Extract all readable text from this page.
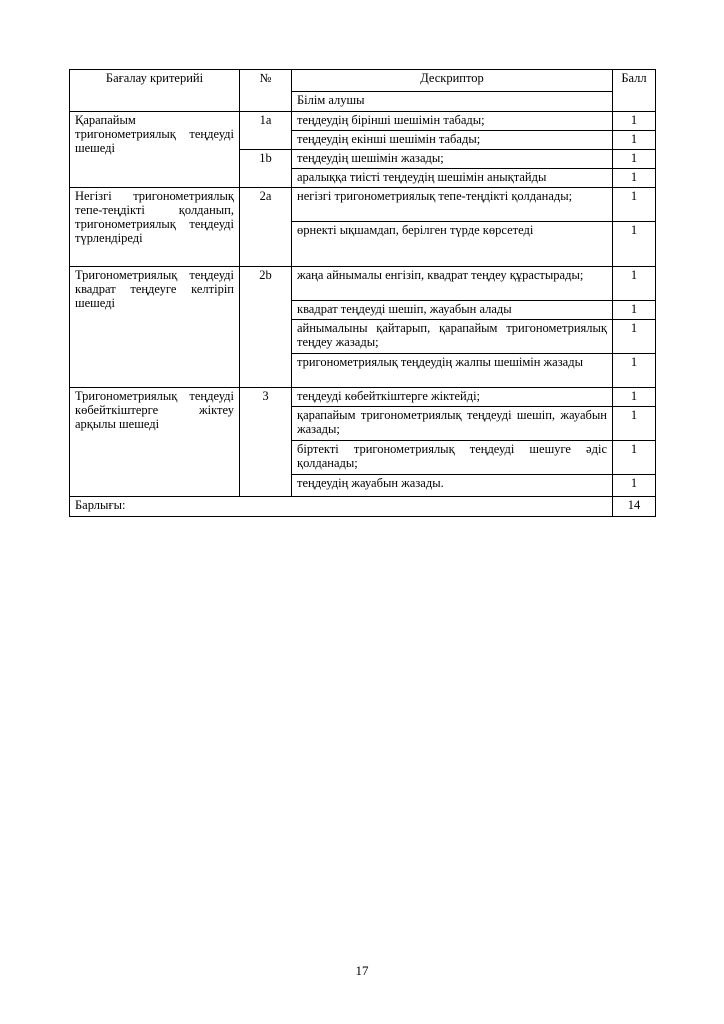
Бағалау критерийі	№	Дескриптор	Балл
		Білім алушы	
Қарапайым тригонометриялық теңдеуді шешеді	1a	теңдеудің бірінші шешімін табады;	1
		теңдеудің екінші шешімін табады;	1
	1b	теңдеудің шешімін жазады;	1
		аралыққа тиісті теңдеудің шешімін анықтайды	1
Негізгі тригонометриялық тепе-теңдікті қолданып, тригонометриялық теңдеуді түрлендіреді	2a	негізгі тригонометриялық тепе-теңдікті қолданады;	1
		өрнекті ықшамдап, берілген түрде көрсетеді	1
Тригонометриялық теңдеуді квадрат теңдеуге келтіріп шешеді	2b	жаңа айнымалы енгізіп, квадрат теңдеу құрастырады;	1
		квадрат теңдеуді шешіп, жауабын алады	1
		айнымалыны қайтарып, қарапайым тригонометриялық теңдеу жазады;	1
		тригонометриялық теңдеудің жалпы шешімін жазады	1
Тригонометриялық теңдеуді көбейткіштерге жіктеу арқылы шешеді	3	теңдеуді көбейткіштерге жіктейді;	1
		қарапайым тригонометриялық теңдеуді шешіп, жауабын жазады;	1
		біртекті тригонометриялық теңдеуді шешуге әдіс қолданады;	1
		теңдеудің жауабын жазады.	1
Барлығы:			14
17
